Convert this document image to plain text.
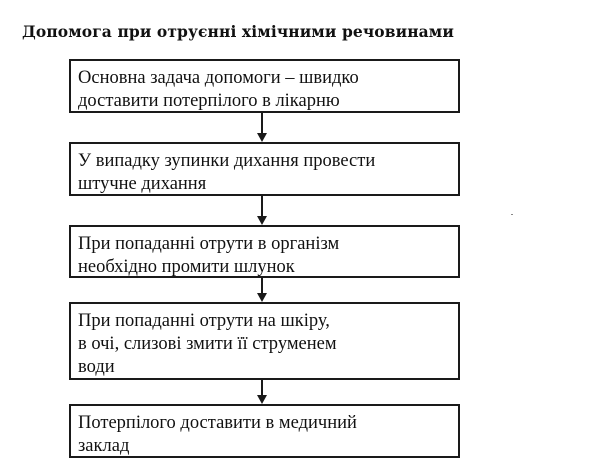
Допомога при отруєнні хімічними речовинами
Основна задача допомоги – швидко
доставити потерпілого в лікарню
У випадку зупинки дихання провести
штучне дихання
При попаданні отрути в організм
необхідно промити шлунок
При попаданні отрути на шкіру,
в очі, слизові змити її струменем
води
Потерпілого доставити в медичний
заклад
